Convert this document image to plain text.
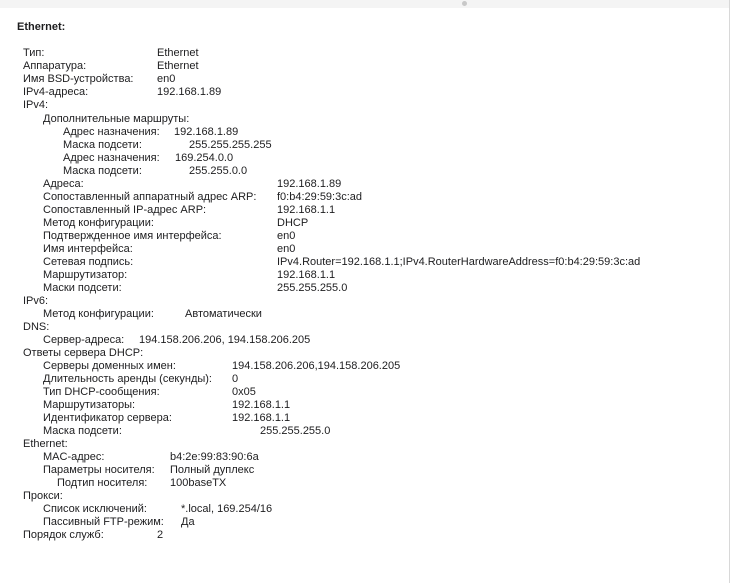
Ethernet:
Тип:	Ethernet
Аппаратура:	Ethernet
Имя BSD-устройства: en0
IPv4-адреса:	192.168.1.89
IPv4:
Дополнительные маршруты:
Адрес назначения: 192.168.1.89
Маска подсети:	255.255.255.255
Адрес назначения: 169.254.0.0
Маска подсети:	255.255.0.0
Адреса:	192.168.1.89
Сопоставленный аппаратный адрес ARP: f0:b4:29:59:3c:ad
Сопоставленный IP-адрес ARP:	192.168.1.1
Метод конфигурации:	DHCP
Подтвержденное имя интерфейса:	en0
Имя интерфейса:	en0
Сетевая подпись:	IPv4.Router=192.168.1.1;IPv4.RouterHardwareAddress=f0:b4:29:59:3c:ad
Маршрутизатор:	192.168.1.1
Маски подсети:	255.255.255.0
IPv6:
Метод конфигурации:	Автоматически
DNS:
Сервер-адреса: 194.158.206.206, 194.158.206.205
Ответы сервера DHCP:
Серверы доменных имен:	194.158.206.206,194.158.206.205
Длительность аренды (секунды): 0
Тип DHCP-сообщения:	0x05
Маршрутизаторы:	192.168.1.1
Идентификатор сервера:	192.168.1.1
Маска подсети:	255.255.255.0
Ethernet:
MAC-адрес:	b4:2e:99:83:90:6a
Параметры носителя: Полный дуплекс
Подтип носителя: 100baseTX
Прокси:
Список исключений:	*.local, 169.254/16
Пассивный FTP-режим: Да
Порядок служб:	2
